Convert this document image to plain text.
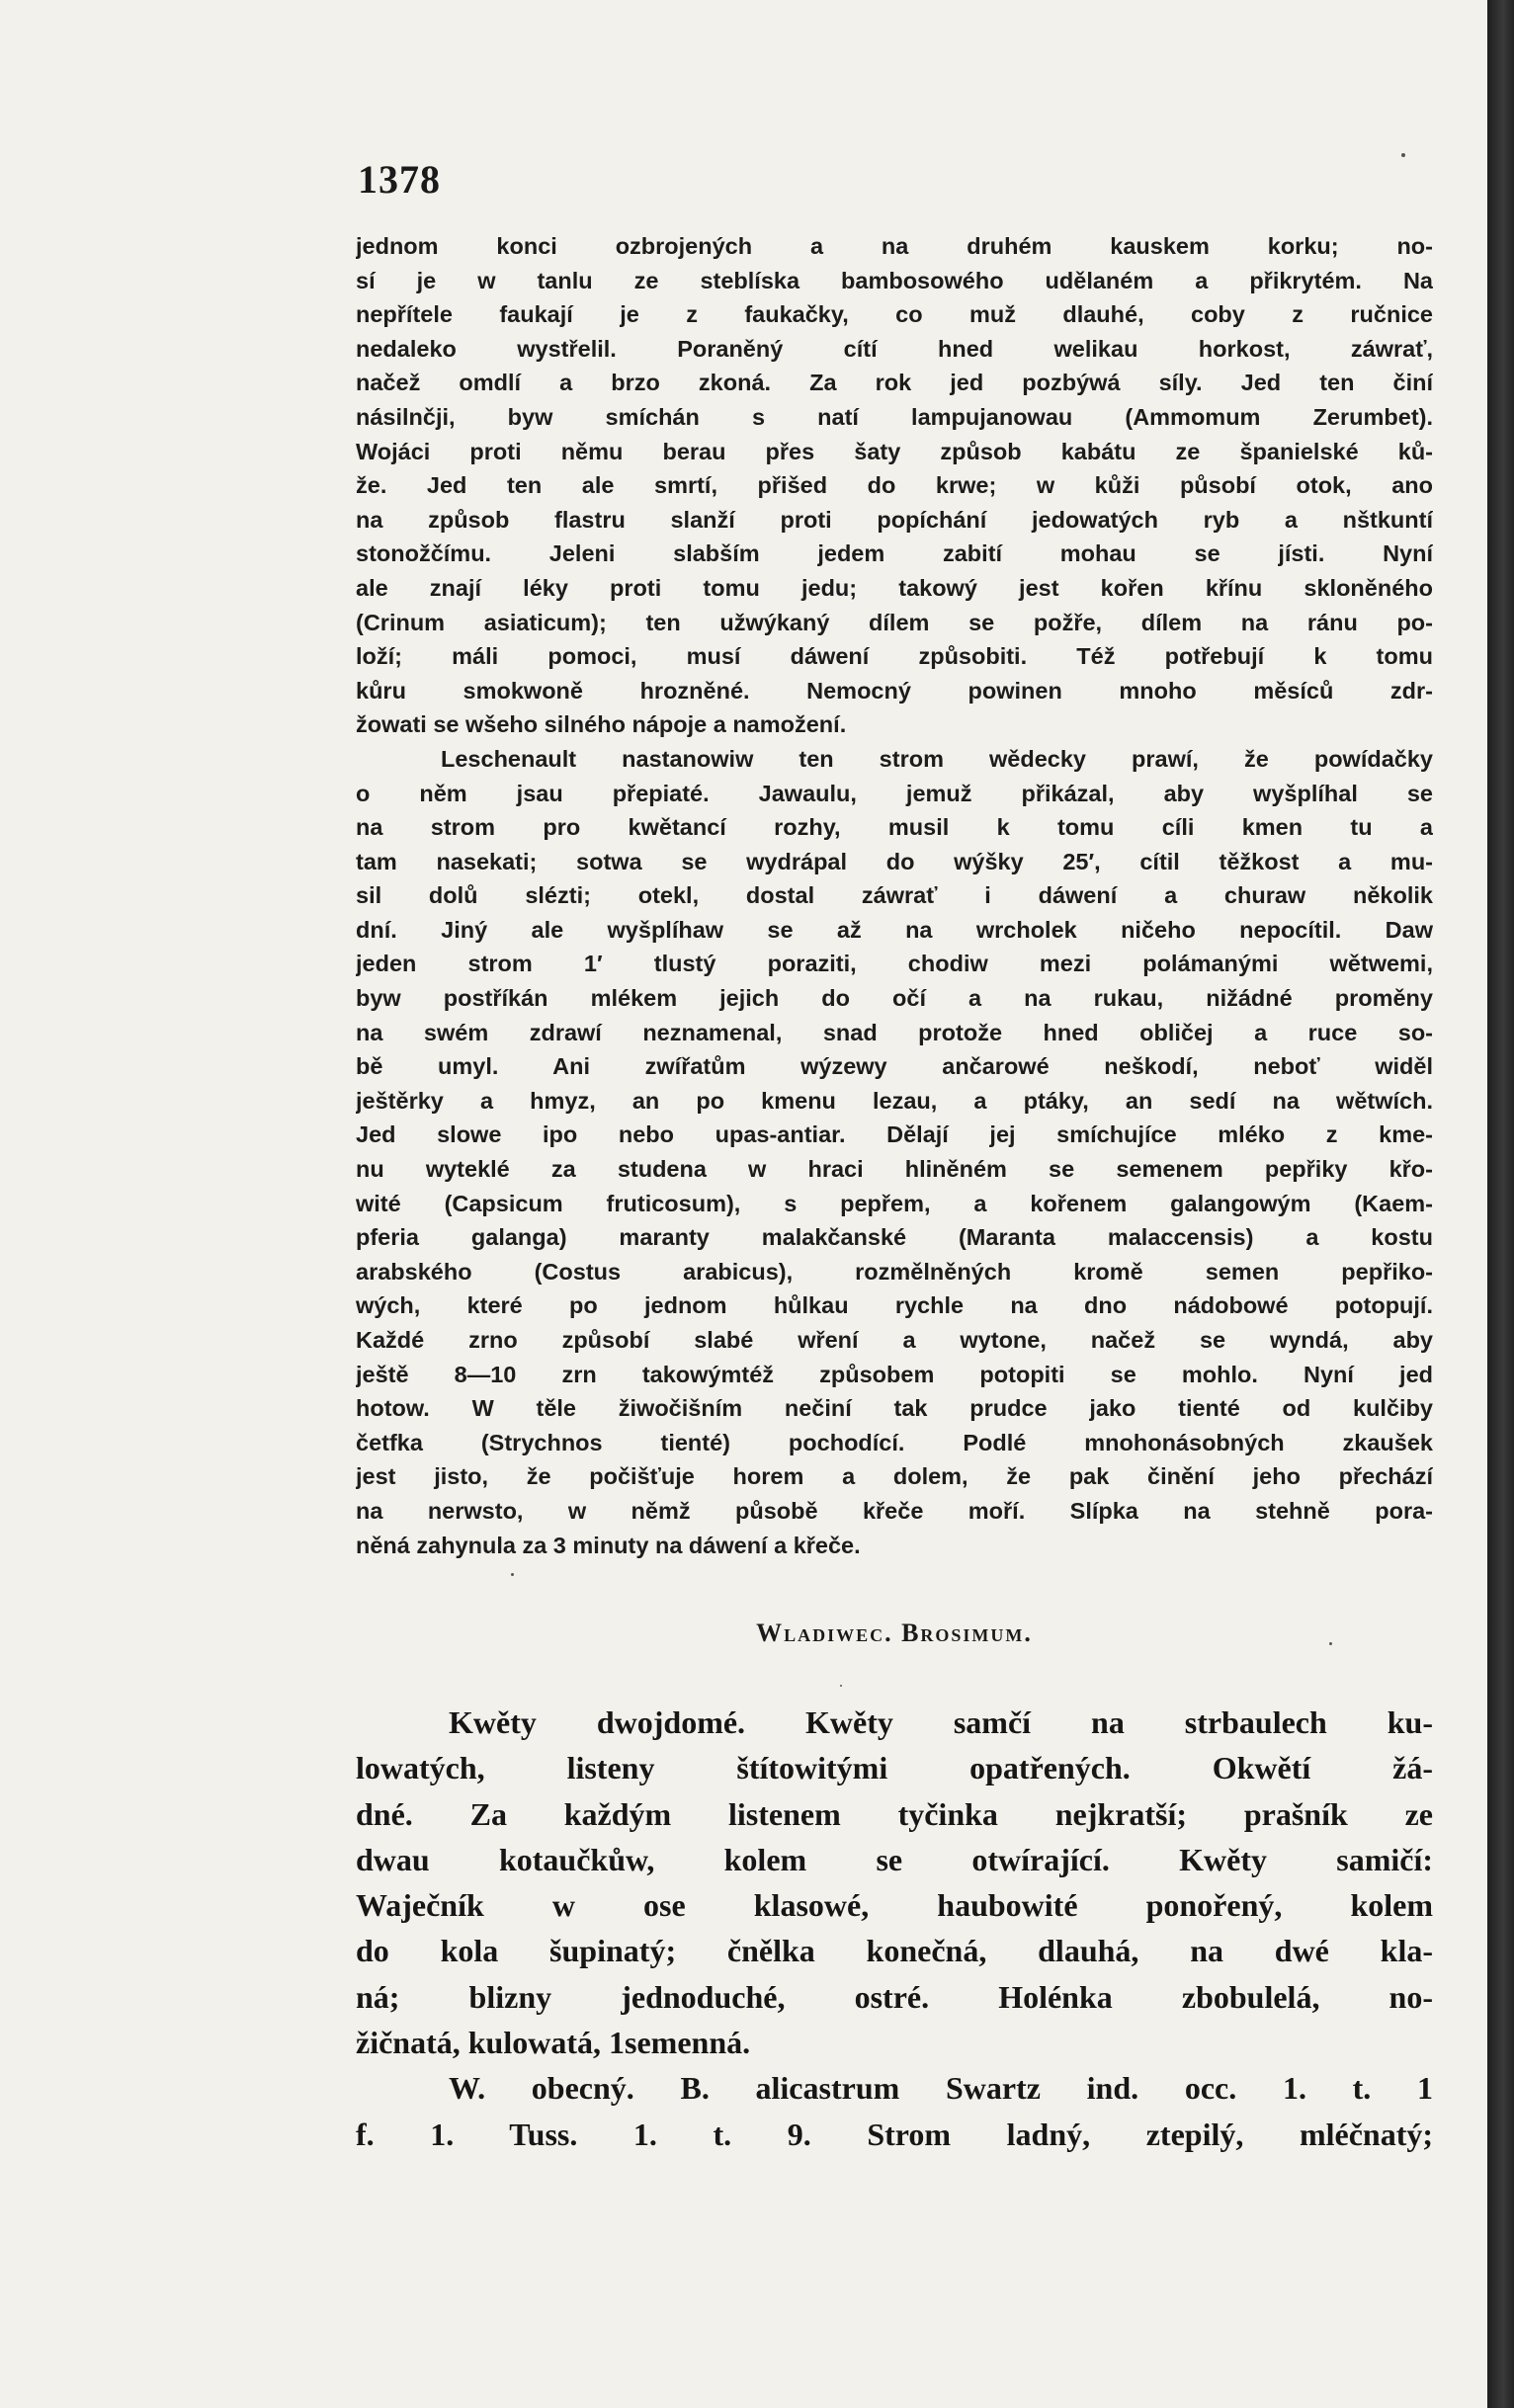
1378
jednom konci ozbrojených a na druhém kauskem korku; no-
sí je w tanlu ze steblíska bambosowého udělaném a přikrytém. Na
nepřítele faukají je z faukačky, co muž dlauhé, coby z ručnice
nedaleko wystřelil. Poraněný cítí hned welikau horkost, záwrať,
načež omdlí a brzo zkoná. Za rok jed pozbýwá síly. Jed ten činí
násilnčji, byw smíchán s natí lampujanowau (Ammomum Zerumbet).
Wojáci proti němu berau přes šaty způsob kabátu ze španielské ků-
že. Jed ten ale smrtí, přišed do krwe; w kůži působí otok, ano
na způsob flastru slanží proti popíchání jedowatých ryb a nštkuntí
stonožčímu. Jeleni slabším jedem zabití mohau se jísti. Nyní
ale znají léky proti tomu jedu; takowý jest kořen křínu skloněného
(Crinum asiaticum); ten užwýkaný dílem se požře, dílem na ránu po-
loží; máli pomoci, musí dáwení způsobiti. Též potřebují k tomu
kůru smokwoně hrozněné. Nemocný powinen mnoho měsíců zdr-
žowati se wšeho silného nápoje a namožení.
Leschenault nastanowiw ten strom wědecky prawí, že powídačky
o něm jsau přepiaté. Jawaulu, jemuž přikázal, aby wyšplíhal se
na strom pro kwětancí rozhy, musil k tomu cíli kmen tu a
tam nasekati; sotwa se wydrápal do wýšky 25′, cítil těžkost a mu-
sil dolů slézti; otekl, dostal záwrať i dáwení a churaw několik
dní. Jiný ale wyšplíhaw se až na wrcholek ničeho nepocítil. Daw
jeden strom 1′ tlustý poraziti, chodiw mezi polámanými wětwemi,
byw postříkán mlékem jejich do očí a na rukau, nižádné proměny
na swém zdrawí neznamenal, snad protože hned obličej a ruce so-
bě umyl. Ani zwířatům wýzewy ančarowé neškodí, neboť widěl
ještěrky a hmyz, an po kmenu lezau, a ptáky, an sedí na wětwích.
Jed slowe ipo nebo upas-antiar. Dělají jej smíchujíce mléko z kme-
nu wyteklé za studena w hraci hliněném se semenem pepřiky křo-
wité (Capsicum fruticosum), s pepřem, a kořenem galangowým (Kaem-
pferia galanga) maranty malakčanské (Maranta malaccensis) a kostu
arabského (Costus arabicus), rozmělněných kromě semen pepřiko-
wých, které po jednom hůlkau rychle na dno nádobowé potopují.
Každé zrno způsobí slabé wření a wytone, načež se wyndá, aby
ještě 8—10 zrn takowýmtéž způsobem potopiti se mohlo. Nyní jed
hotow. W těle žiwočišním nečiní tak prudce jako tienté od kulčiby
četfka (Strychnos tienté) pochodící. Podlé mnohonásobných zkaušek
jest jisto, že počišťuje horem a dolem, že pak činění jeho přechází
na nerwsto, w němž působě křeče moří. Slípka na stehně pora-
něná zahynula za 3 minuty na dáwení a křeče.
Wladiwec. Brosimum.
Kwěty dwojdomé. Kwěty samčí na strbaulech ku-
lowatých, listeny štítowitými opatřených. Okwětí žá-
dné. Za každým listenem tyčinka nejkratší; prašník ze
dwau kotaučkůw, kolem se otwírající. Kwěty samičí:
Waječník w ose klasowé, haubowité ponořený, kolem
do kola šupinatý; čnělka konečná, dlauhá, na dwé kla-
ná; blizny jednoduché, ostré. Holénka zbobulelá, no-
žičnatá, kulowatá, 1semenná.
W. obecný. B. alicastrum Swartz ind. occ. 1. t. 1
f. 1. Tuss. 1. t. 9. Strom ladný, ztepilý, mléčnatý;
